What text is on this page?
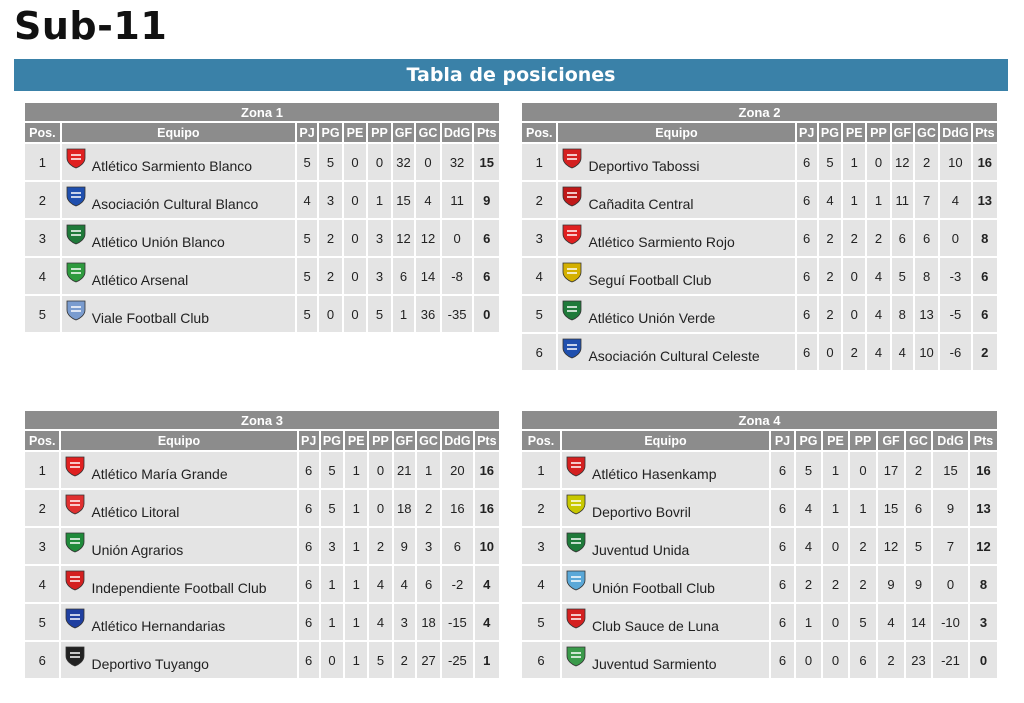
Sub-11
Tabla de posiciones
Zona 1									
Pos.	Equipo	PJ	PG	PE	PP	GF	GC	DdG	Pts
1	Atlético Sarmiento Blanco	5	5	0	0	32	0	32	15
2	Asociación Cultural Blanco	4	3	0	1	15	4	11	9
3	Atlético Unión Blanco	5	2	0	3	12	12	0	6
4	Atlético Arsenal	5	2	0	3	6	14	-8	6
5	Viale Football Club	5	0	0	5	1	36	-35	0
Zona 2									
Pos.	Equipo	PJ	PG	PE	PP	GF	GC	DdG	Pts
1	Deportivo Tabossi	6	5	1	0	12	2	10	16
2	Cañadita Central	6	4	1	1	11	7	4	13
3	Atlético Sarmiento Rojo	6	2	2	2	6	6	0	8
4	Seguí Football Club	6	2	0	4	5	8	-3	6
5	Atlético Unión Verde	6	2	0	4	8	13	-5	6
6	Asociación Cultural Celeste	6	0	2	4	4	10	-6	2
Zona 3									
Pos.	Equipo	PJ	PG	PE	PP	GF	GC	DdG	Pts
1	Atlético María Grande	6	5	1	0	21	1	20	16
2	Atlético Litoral	6	5	1	0	18	2	16	16
3	Unión Agrarios	6	3	1	2	9	3	6	10
4	Independiente Football Club	6	1	1	4	4	6	-2	4
5	Atlético Hernandarias	6	1	1	4	3	18	-15	4
6	Deportivo Tuyango	6	0	1	5	2	27	-25	1
Zona 4									
Pos.	Equipo	PJ	PG	PE	PP	GF	GC	DdG	Pts
1	Atlético Hasenkamp	6	5	1	0	17	2	15	16
2	Deportivo Bovril	6	4	1	1	15	6	9	13
3	Juventud Unida	6	4	0	2	12	5	7	12
4	Unión Football Club	6	2	2	2	9	9	0	8
5	Club Sauce de Luna	6	1	0	5	4	14	-10	3
6	Juventud Sarmiento	6	0	0	6	2	23	-21	0
